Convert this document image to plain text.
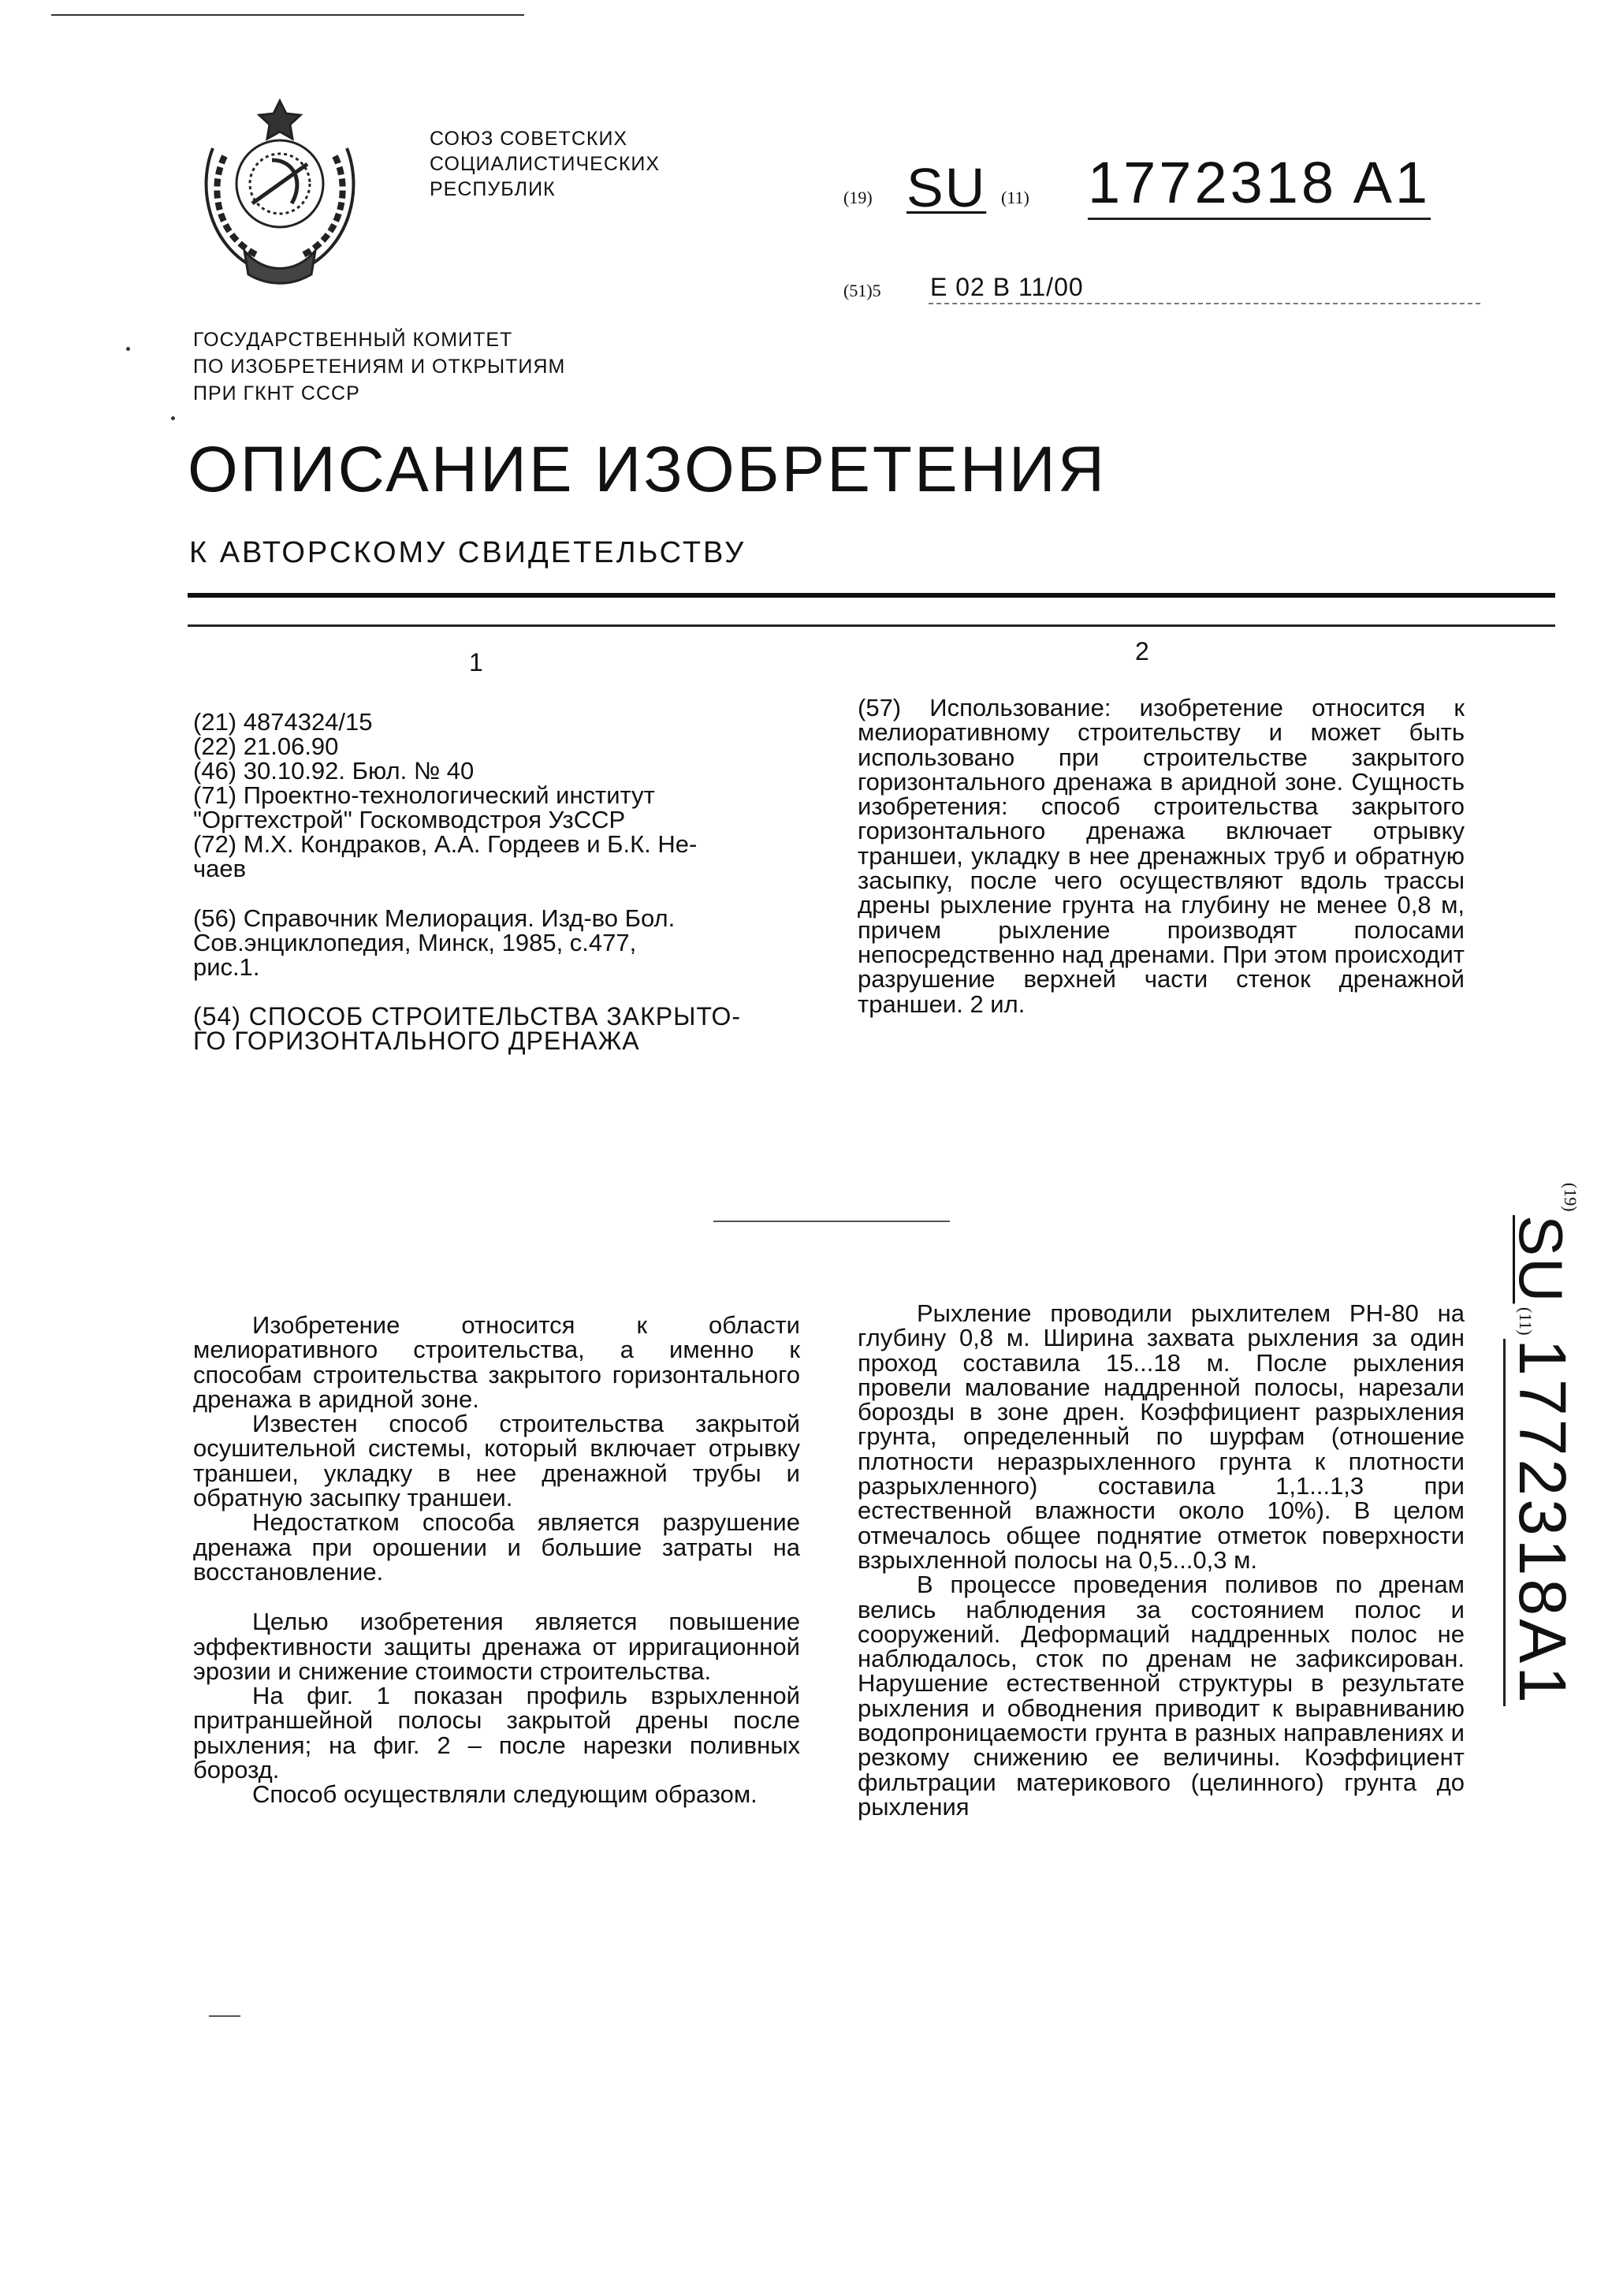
СОЮЗ СОВЕТСКИХ
СОЦИАЛИСТИЧЕСКИХ
РЕСПУБЛИК	(19) SU (11) 1772318 A1
(51)5 Е 02 В 11/00
ГОСУДАРСТВЕННЫЙ КОМИТЕТ
ПО ИЗОБРЕТЕНИЯМ И ОТКРЫТИЯМ
ПРИ ГКНТ СССР
ОПИСАНИЕ ИЗОБРЕТЕНИЯ
К АВТОРСКОМУ СВИДЕТЕЛЬСТВУ
1	2
(21) 4874324/15
(22) 21.06.90
(46) 30.10.92. Бюл. № 40
(71) Проектно-технологический институт
"Оргтехстрой" Госкомводстроя УзССР
(72) М.Х. Кондраков, А.А. Гордеев и Б.К. Не-
чаев
(56) Справочник Мелиорация. Изд-во Бол.
Сов.энциклопедия, Минск, 1985, с.477,
рис.1.
(54) СПОСОБ СТРОИТЕЛЬСТВА ЗАКРЫТО-
ГО ГОРИЗОНТАЛЬНОГО ДРЕНАЖА

(57) Использование: изобретение относится к мелиоративному строительству и может быть использовано при строительстве закрытого горизонтального дренажа в аридной зоне. Сущность изобретения: способ строительства закрытого горизонтального дренажа включает отрывку траншеи, укладку в нее дренажных труб и обратную засыпку, после чего осуществляют вдоль трассы дрены рыхление грунта на глубину не менее 0,8 м, причем рыхление производят полосами непосредственно над дренами. При этом происходит разрушение верхней части стенок дренажной траншеи. 2 ил.

Изобретение относится к области мелиоративного строительства, а именно к способам строительства закрытого горизонтального дренажа в аридной зоне.

Известен способ строительства закрытой осушительной системы, который включает отрывку траншеи, укладку в нее дренажной трубы и обратную засыпку траншеи.

Недостатком способа является разрушение дренажа при орошении и большие затраты на восстановление.

Целью изобретения является повышение эффективности защиты дренажа от ирригационной эрозии и снижение стоимости строительства.

На фиг. 1 показан профиль взрыхленной притраншейной полосы закрытой дрены после рыхления; на фиг. 2 – после нарезки поливных борозд.

Способ осуществляли следующим образом.

Рыхление проводили рыхлителем РН-80 на глубину 0,8 м. Ширина захвата рыхления за один проход составила 15...18 м. После рыхления провели малование наддренной полосы, нарезали борозды в зоне дрен. Коэффициент разрыхления грунта, определенный по шурфам (отношение плотности неразрыхленного грунта к плотности разрыхленного) составила 1,1...1,3 при естественной влажности около 10%). В целом отмечалось общее поднятие отметок поверхности взрыхленной полосы на 0,5...0,3 м.

В процессе проведения поливов по дренам велись наблюдения за состоянием полос и сооружений. Деформаций наддренных полос не наблюдалось, сток по дренам не зафиксирован. Нарушение естественной структуры в результате рыхления и обводнения приводит к выравниванию водопроницаемости грунта в разных направлениях и резкому снижению ее величины. Коэффициент фильтрации материкового (целинного) грунта до рыхления

(19) SU (11) 1772318A1
